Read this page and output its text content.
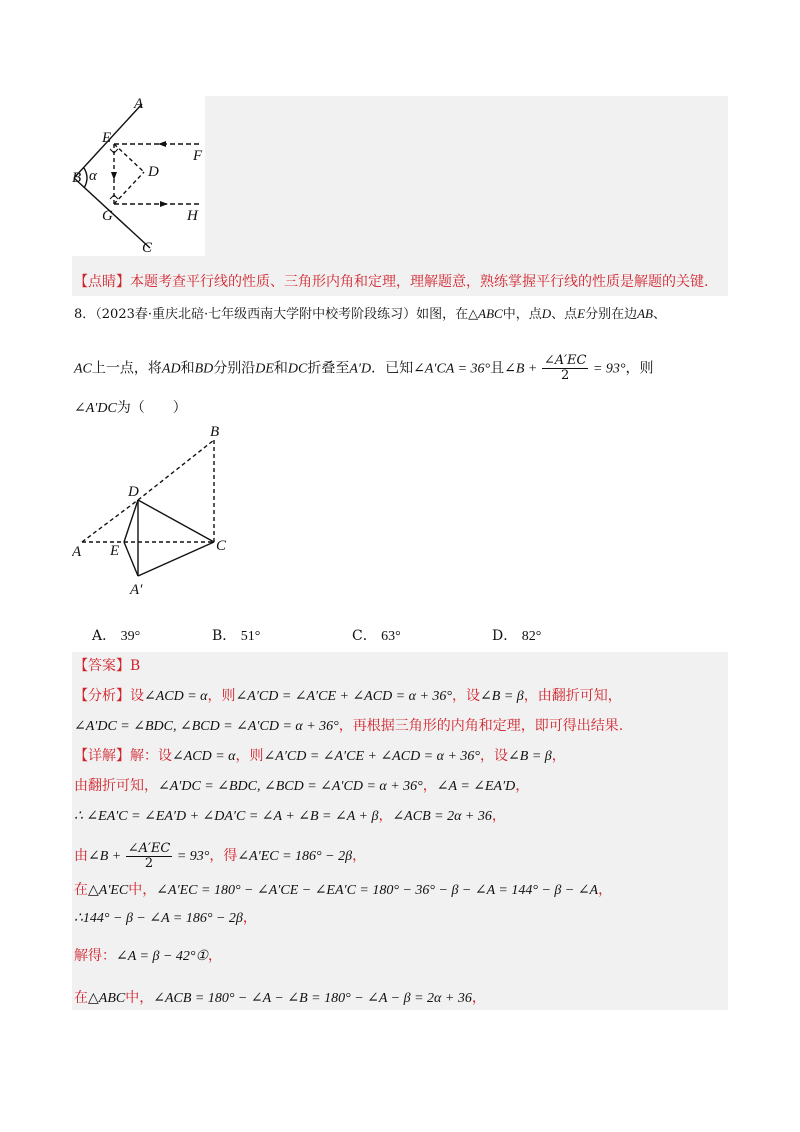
A
E
F
B α	D
G	H
C
【点睛】本题考查平行线的性质、三角形内角和定理，理解题意，熟练掌握平行线的性质是解题的关键.
8．（2023春·重庆北碚·七年级西南大学附中校考阶段练习）如图，在△ABC中，点D、点E分别在边AB、
AC上一点，将AD和BD分别沿DE和DC折叠至A′D．已知∠A′CA = 36°且∠B + $\frac{\angle A'EC}{2} = 93^\circ$，则
∠A′DC为（　　）
B
D
A E	C
A′
A． 39°	B． 51°	C． 63°	D． 82°
【答案】B
【分析】设∠ACD = α，则∠A′CD = ∠A′CE + ∠ACD = α + 36°，设∠B = β，由翻折可知，
∠A′DC = ∠BDC, ∠BCD = ∠A′CD = α + 36°，再根据三角形的内角和定理，即可得出结果.
【详解】解：设∠ACD = α，则∠A′CD = ∠A′CE + ∠ACD = α + 36°，设∠B = β，
由翻折可知，∠A′DC = ∠BDC, ∠BCD = ∠A′CD = α + 36°，∠A = ∠EA′D，
∴ ∠EA′C = ∠EA′D + ∠DA′C = ∠A + ∠B = ∠A + β，∠ACB = 2α + 36，
由∠B + $\frac{\angle A'EC}{2} = 93^\circ$，得∠A′EC = 186° − 2β，
在△A′EC中，∠A′EC = 180° − ∠A′CE − ∠EA′C = 180° − 36° − β − ∠A = 144° − β − ∠A，
∴144° − β − ∠A = 186° − 2β，
解得：∠A = β − 42°①，
在△ABC中，∠ACB = 180° − ∠A − ∠B = 180° − ∠A − β = 2α + 36，
